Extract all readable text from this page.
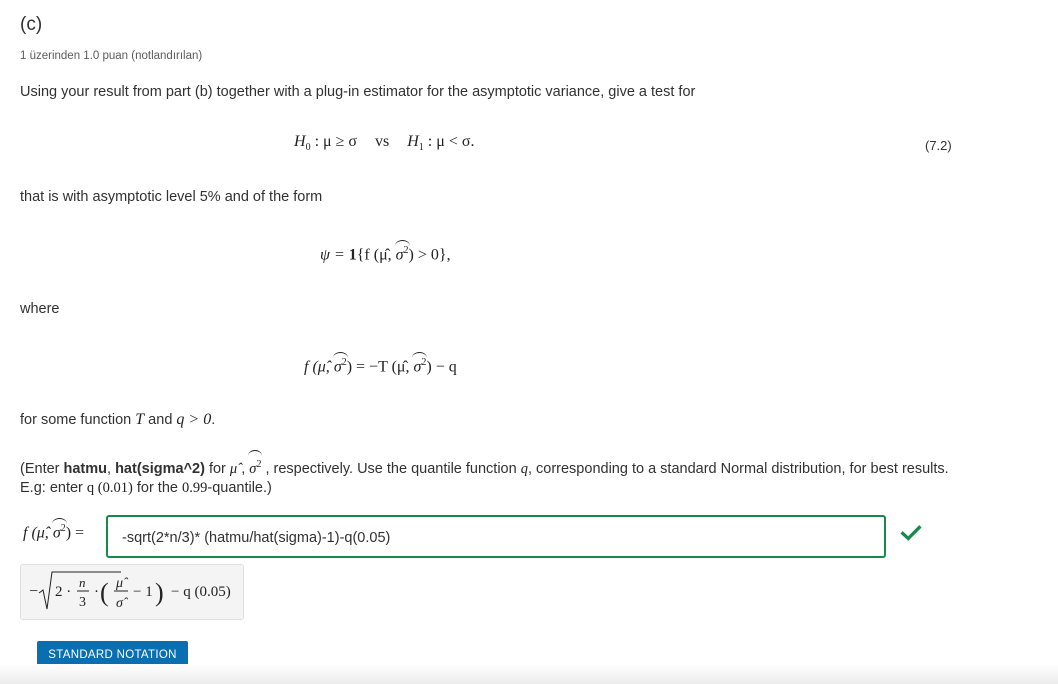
(c)
1 üzerinden 1.0 puan (notlandırılan)
Using your result from part (b) together with a plug-in estimator for the asymptotic variance, give a test for
$H_0$ : μ ≥ σ vs $H_1$ : μ < σ.	(7.2)
that is with asymptotic level 5% and of the form
ψ = 1{f (μ̂, $\sigma^2) > 0$},
where
f (μ̂, $\sigma^2) = -T$ (μ̂, $\sigma^2) - q$
for some function T and q > 0.
(Enter hatmu, hat(sigma^2) for μ̂ , $\sigma^2$ , respectively. Use the quantile function q, corresponding to a standard Normal distribution, for best results. E.g: enter q (0.01) for the 0.99-quantile.)
f (μ̂, $\sigma^2$) =
-sqrt(2*n/3)* (hatmu/hat(sigma)-1)-q(0.05)
− 2 ·
n
3
· ( μ̂
σ̂
− 1 ) − q (0.05)
STANDARD NOTATION
